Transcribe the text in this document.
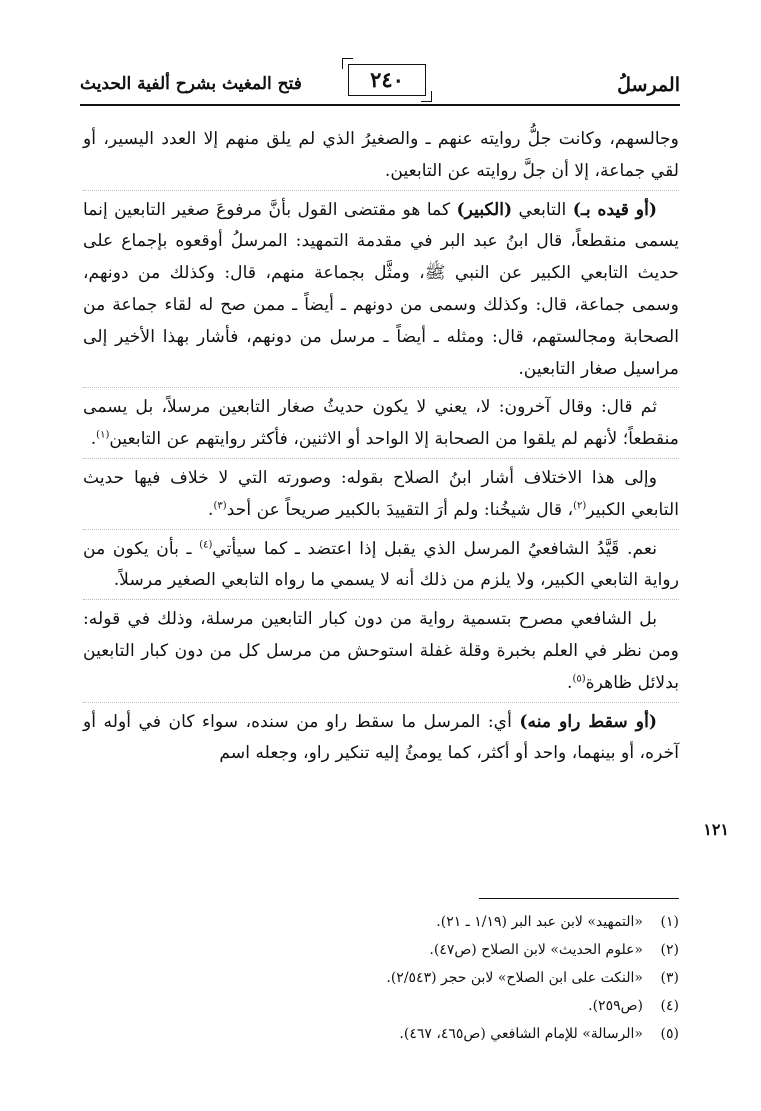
المرسلُ
٢٤٠
فتح المغيث بشرح ألفية الحديث

وجالسهم، وكانت جلُّ روايته عنهم ـ والصغيرُ الذي لم يلق منهم إلا العدد اليسير، أو لقي جماعة، إلا أن جلَّ روايته عن التابعين.

(أو قيده بـ) التابعي (الكبير) كما هو مقتضى القول بأنَّ مرفوعَ صغير التابعين إنما يسمى منقطعاً، قال ابنُ عبد البر في مقدمة التمهيد: المرسلُ أوقعوه بإجماع على حديث التابعي الكبير عن النبي ﷺ، ومثَّل بجماعة منهم، قال: وكذلك من دونهم، وسمى جماعة، قال: وكذلك وسمى من دونهم ـ أيضاً ـ ممن صح له لقاء جماعة من الصحابة ومجالستهم، قال: ومثله ـ أيضاً ـ مرسل من دونهم، فأشار بهذا الأخير إلى مراسيل صغار التابعين.

ثم قال: وقال آخرون: لا، يعني لا يكون حديثُ صغار التابعين مرسلاً، بل يسمى منقطعاً؛ لأنهم لم يلقوا من الصحابة إلا الواحد أو الاثنين، فأكثر روايتهم عن التابعين$^{(١)}$.

وإلى هذا الاختلاف أشار ابنُ الصلاح بقوله: وصورته التي لا خلاف فيها حديث التابعي الكبير$^{(٢)}$، قال شيخُنا: ولم أرَ التقييدَ بالكبير صريحاً عن أحد$^{(٣)}$.

نعم. قَيَّدُ الشافعيُ المرسل الذي يقبل إذا اعتضد ـ كما سيأتي$^{(٤)}$ ـ بأن يكون من رواية التابعي الكبير، ولا يلزم من ذلك أنه لا يسمي ما رواه التابعي الصغير مرسلاً.

بل الشافعي مصرح بتسمية رواية من دون كبار التابعين مرسلة، وذلك في قوله: ومن نظر في العلم بخبرة وقلة غفلة استوحش من مرسل كل من دون كبار التابعين بدلائل ظاهرة$^{(٥)}$.

(أو سقط راو منه) أي: المرسل ما سقط راو من سنده، سواء كان في أوله أو آخره، أو بينهما، واحد أو أكثر، كما يومئُ إليه تنكير راو، وجعله اسم

١٢١
(١)
«التمهيد» لابن عبد البر (١/١٩ ـ ٢١).
(٢)
«علوم الحديث» لابن الصلاح (ص٤٧).
(٣)
«النكت على ابن الصلاح» لابن حجر (٢/٥٤٣).
(٤)
(ص٢٥٩).
(٥)
«الرسالة» للإمام الشافعي (ص٤٦٥، ٤٦٧).
